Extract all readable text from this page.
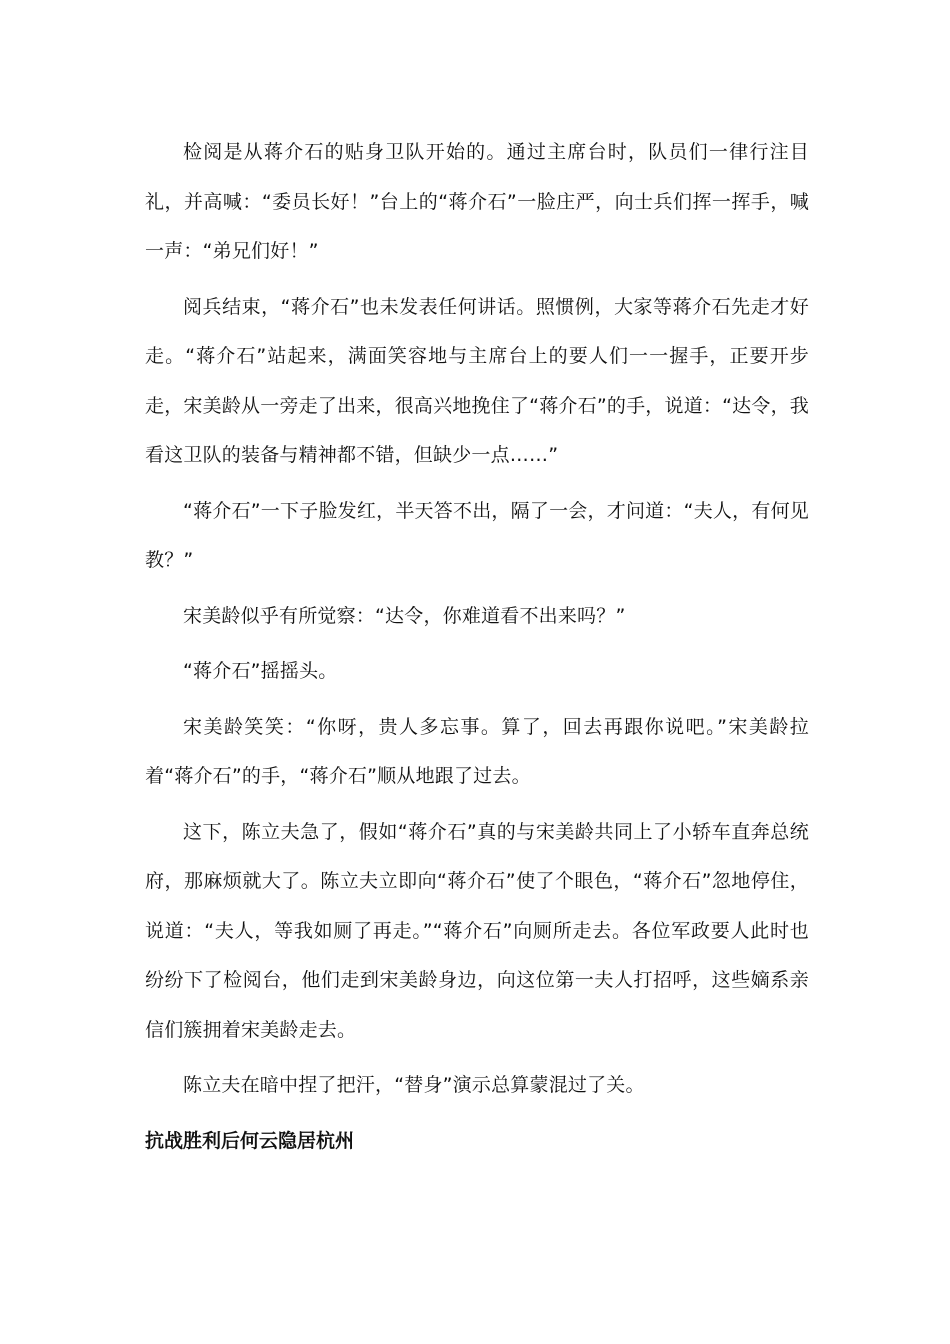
检阅是从蒋介石的贴身卫队开始的。通过主席台时，队员们一律行注目礼，并高喊：“委员长好！”台上的“蒋介石”一脸庄严，向士兵们挥一挥手，喊一声：“弟兄们好！”

阅兵结束，“蒋介石”也未发表任何讲话。照惯例，大家等蒋介石先走才好走。“蒋介石”站起来，满面笑容地与主席台上的要人们一一握手，正要开步走，宋美龄从一旁走了出来，很高兴地挽住了“蒋介石”的手，说道：“达令，我看这卫队的装备与精神都不错，但缺少一点……”

“蒋介石”一下子脸发红，半天答不出，隔了一会，才问道：“夫人，有何见教？”

宋美龄似乎有所觉察：“达令，你难道看不出来吗？”

“蒋介石”摇摇头。

宋美龄笑笑：“你呀，贵人多忘事。算了，回去再跟你说吧。”宋美龄拉着“蒋介石”的手，“蒋介石”顺从地跟了过去。

这下，陈立夫急了，假如“蒋介石”真的与宋美龄共同上了小轿车直奔总统府，那麻烦就大了。陈立夫立即向“蒋介石”使了个眼色，“蒋介石”忽地停住，说道：“夫人，等我如厕了再走。”“蒋介石”向厕所走去。各位军政要人此时也纷纷下了检阅台，他们走到宋美龄身边，向这位第一夫人打招呼，这些嫡系亲信们簇拥着宋美龄走去。

陈立夫在暗中捏了把汗，“替身”演示总算蒙混过了关。

抗战胜利后何云隐居杭州
